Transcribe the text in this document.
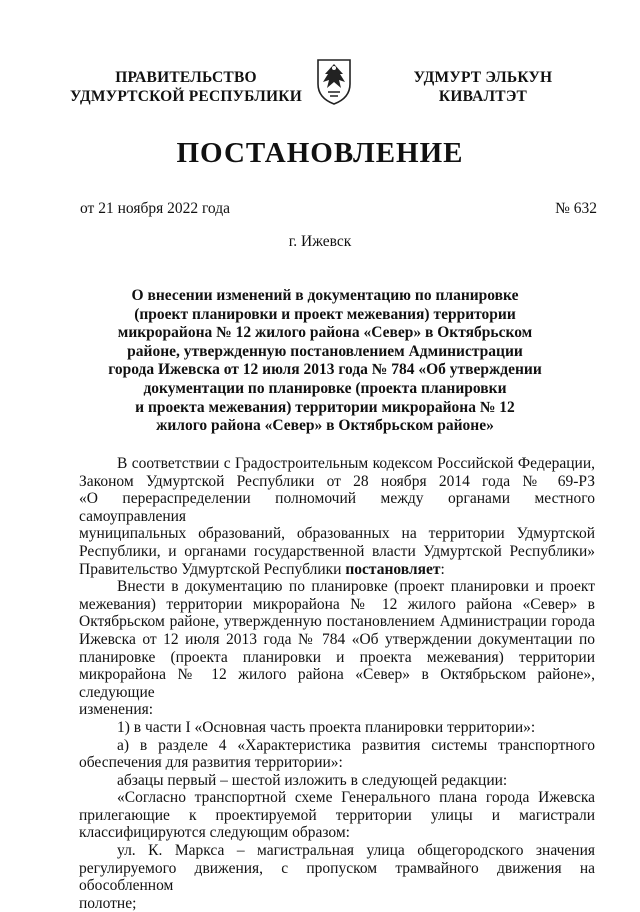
ПРАВИТЕЛЬСТВО
УДМУРТСКОЙ РЕСПУБЛИКИ
УДМУРТ ЭЛЬКУН
КИВАЛТЭТ
ПОСТАНОВЛЕНИЕ
от 21 ноября 2022 года	№ 632
г. Ижевск
О внесении изменений в документацию по планировке
(проект планировки и проект межевания) территории
микрорайона № 12 жилого района «Север» в Октябрьском
районе, утвержденную постановлением Администрации
города Ижевска от 12 июля 2013 года № 784 «Об утверждении
документации по планировке (проекта планировки
и проекта межевания) территории микрорайона № 12
жилого района «Север» в Октябрьском районе»

В соответствии с Градостроительным кодексом Российской Федерации,
Законом Удмуртской Республики от 28 ноября 2014 года № 69-РЗ
«О перераспределении полномочий между органами местного самоуправления
муниципальных образований, образованных на территории Удмуртской
Республики, и органами государственной власти Удмуртской Республики»
Правительство Удмуртской Республики постановляет:

Внести в документацию по планировке (проект планировки и проект
межевания) территории микрорайона № 12 жилого района «Север» в
Октябрьском районе, утвержденную постановлением Администрации города
Ижевска от 12 июля 2013 года № 784 «Об утверждении документации по
планировке (проекта планировки и проекта межевания) территории
микрорайона № 12 жилого района «Север» в Октябрьском районе», следующие
изменения:

1) в части I «Основная часть проекта планировки территории»:

а) в разделе 4 «Характеристика развития системы транспортного
обеспечения для развития территории»:

абзацы первый – шестой изложить в следующей редакции:

«Согласно транспортной схеме Генерального плана города Ижевска
прилегающие к проектируемой территории улицы и магистрали
классифицируются следующим образом:

ул. К. Маркса – магистральная улица общегородского значения
регулируемого движения, с пропуском трамвайного движения на обособленном
полотне;
